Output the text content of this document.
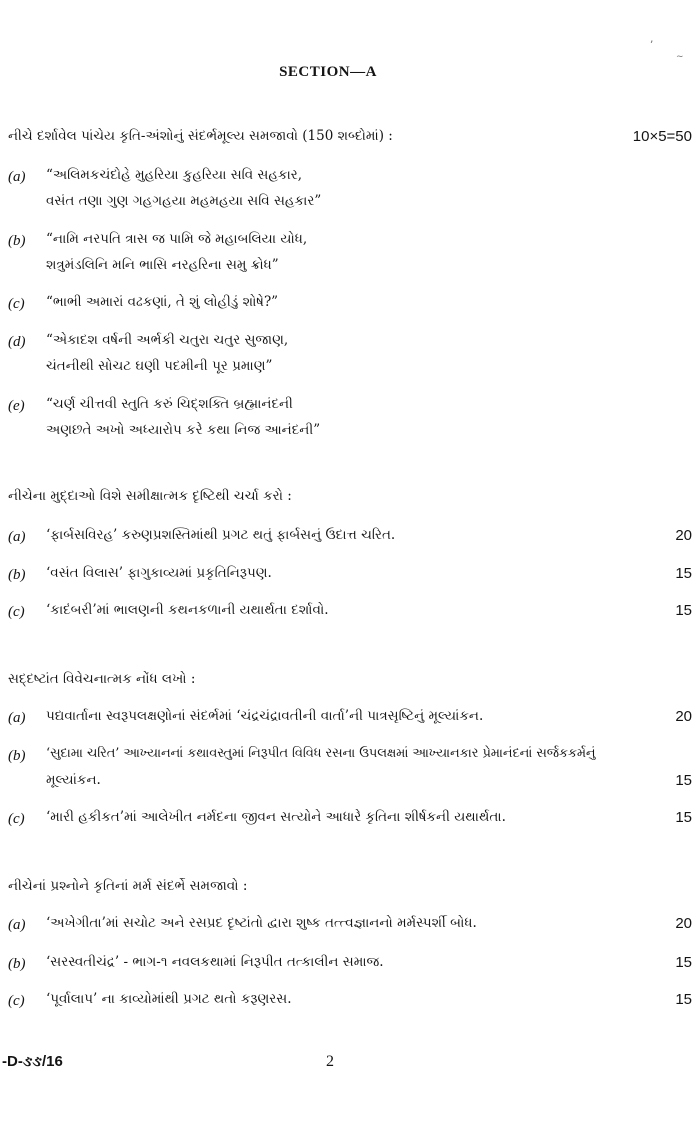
’
~
SECTION—A
નીચે દર્શાવેલ પાંચેય કૃતિ-અંશોનું સંદર્ભમૂલ્ય સમજાવો (150 શબ્દોમાં) :	10×5=50
(a) “અલિમકચંદોહે મુહરિયા કુહરિયા સવિ સહકાર,
વસંત તણા ગુણ ગહગહયા મહમહયા સવિ સહકાર”
(b) “નામિ નરપતિ ત્રાસ જ પામિ જે મહાબલિયા યોધ,
શત્રુમંડલિનિ મનિ ભાસિ નરહરિના સમુ ક્રોધ”
(c) “ભાભી અમારાં વઢકણાં, તે શું લોહીડું શોષે?”
(d) “એકાદશ વર્ષની અર્ભકી ચતુરા ચતુર સુજાણ,
ચંતનીથી સોચટ ઘણી પદમીની પૂર પ્રમાણ”
(e) “ચર્ણ ચીત્તવી સ્તુતિ કરું ચિદ્શક્તિ બ્રહ્માનંદની
અણછતે અખો અધ્યારોપ કરે કથા નિજ આનંદની”
નીચેના મુદ્દાઓ વિશે સમીક્ષાત્મક દૃષ્ટિથી ચર્ચા કરો :
(a) ‘ફાર્બસવિરહ’ કરુણપ્રશસ્તિમાંથી પ્રગટ થતું ફાર્બસનું ઉદાત્ત ચરિત.	20
(b) ‘વસંત વિલાસ’ ફાગુકાવ્યમાં પ્રકૃતિનિરૂપણ.	15
(c) ‘કાદંબરી’માં ભાલણની કથનકળાની યથાર્થતા દર્શાવો.	15
સદ્દષ્ટાંત વિવેચનાત્મક નોંધ લખો :
(a) પદ્યવાર્તાના સ્વરૂપલક્ષણોનાં સંદર્ભમાં ‘ચંદ્રચંદ્રાવતીની વાર્તા’ની પાત્રસૃષ્ટિનું મૂલ્યાંકન.	20
(b) ‘સુદામા ચરિત’ આખ્યાનનાં કથાવસ્તુમાં નિરૂપીત વિવિધ રસના ઉપલક્ષમાં આખ્યાનકાર પ્રેમાનંદનાં સર્જકકર્મનું
મૂલ્યાંકન.	15
(c) ‘મારી હકીકત’માં આલેખીત નર્મદના જીવન સત્યોને આધારે કૃતિના શીર્ષકની યથાર્થતા.	15
નીચેનાં પ્રશ્નોને કૃતિનાં મર્મ સંદર્ભે સમજાવો :
(a) ‘અખેગીતા’માં સચોટ અને રસપ્રદ દૃષ્ટાંતો દ્વારા શુષ્ક તત્ત્વજ્ઞાનનો મર્મસ્પર્શી બોધ.	20
(b) ‘સરસ્વતીચંદ્ર’ - ભાગ-૧ નવલકથામાં નિરૂપીત તત્કાલીન સમાજ.	15
(c) ‘પૂર્વાલાપ’ ના કાવ્યોમાંથી પ્રગટ થતો કરૂણરસ.	15
-D-ઙઙ/16	2
